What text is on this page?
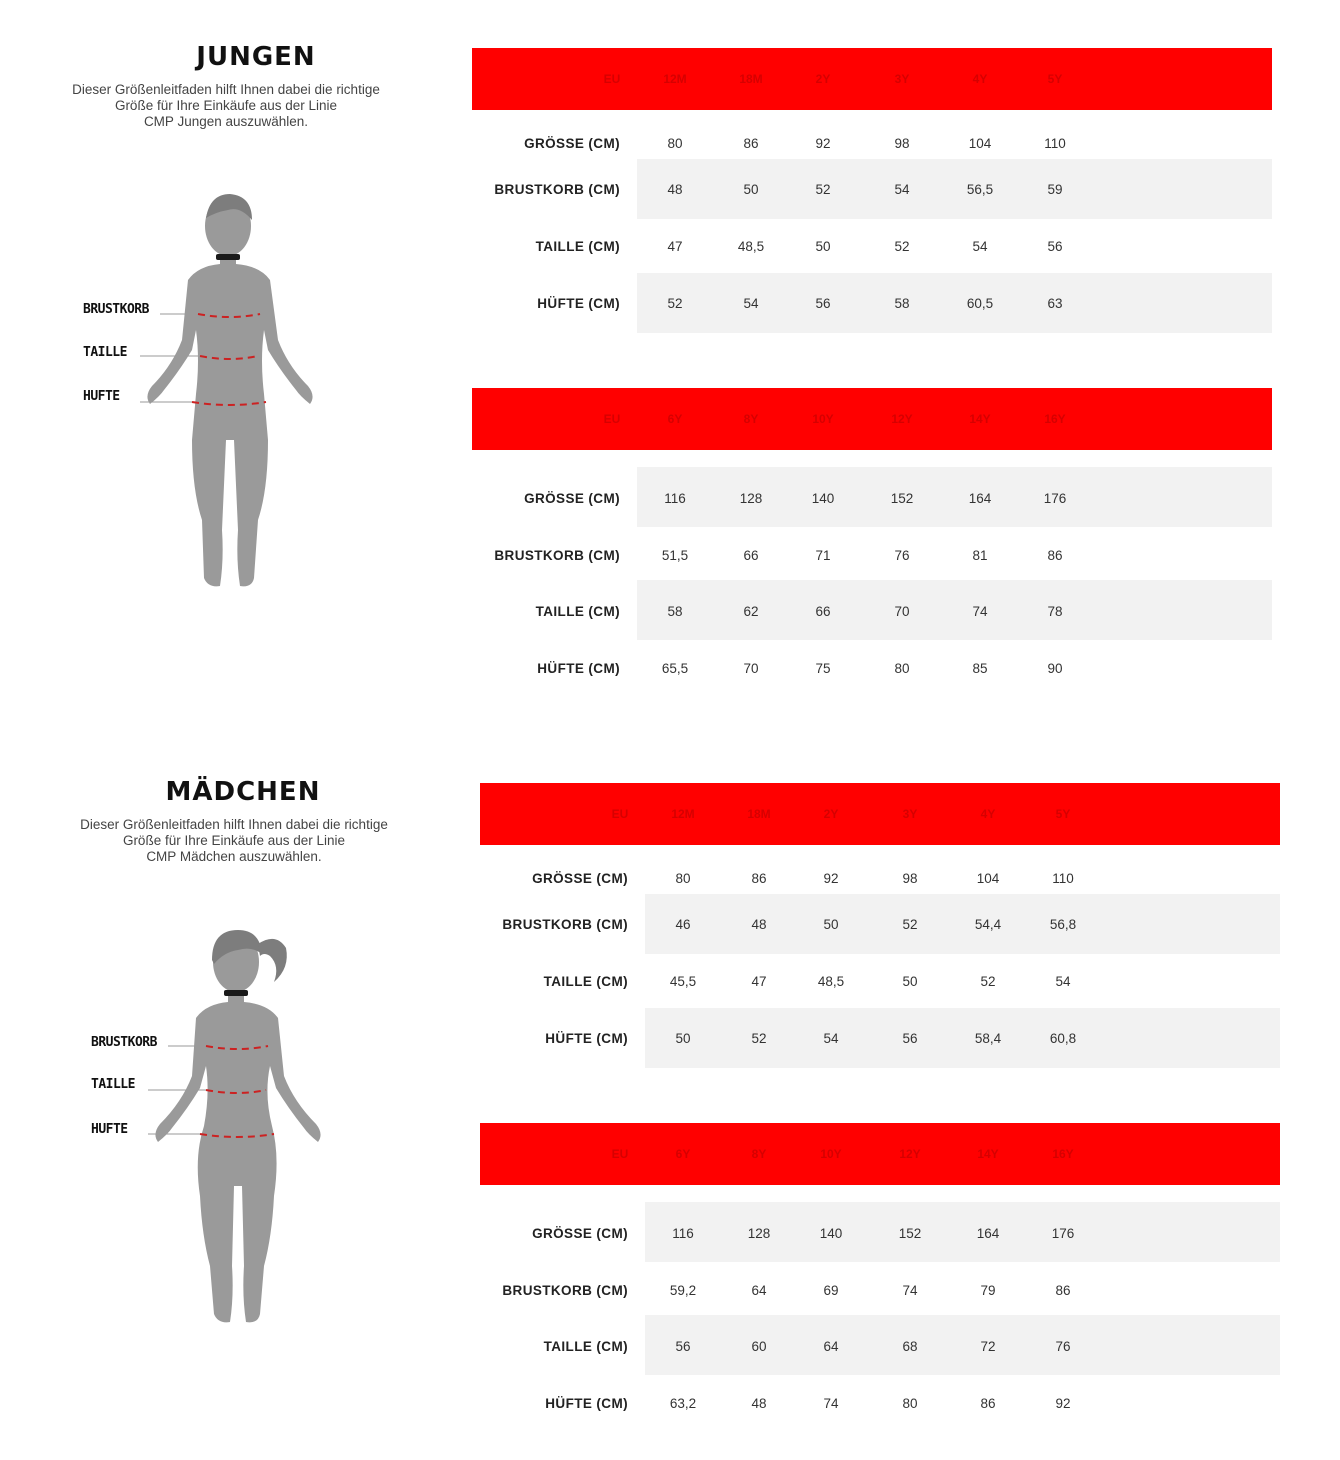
JUNGEN
Dieser Größenleitfaden hilft Ihnen dabei die richtige
Größe für Ihre Einkäufe aus der Linie
CMP Jungen auszuwählen.
BRUSTKORB
TAILLE
HUFTE
EU	12M	18M	2Y	3Y	4Y	5Y
GRÖSSE (CM)	80	86	92	98	104	110
BRUSTKORB (CM)	48	50	52	54	56,5	59
TAILLE (CM)	47	48,5	50	52	54	56
HÜFTE (CM)	52	54	56	58	60,5	63
EU	6Y	8Y	10Y	12Y	14Y	16Y
GRÖSSE (CM)	116	128	140	152	164	176
BRUSTKORB (CM)	51,5	66	71	76	81	86
TAILLE (CM)	58	62	66	70	74	78
HÜFTE (CM)	65,5	70	75	80	85	90
MÄDCHEN
Dieser Größenleitfaden hilft Ihnen dabei die richtige
Größe für Ihre Einkäufe aus der Linie
CMP Mädchen auszuwählen.
BRUSTKORB
TAILLE
HUFTE
EU	12M	18M	2Y	3Y	4Y	5Y
GRÖSSE (CM)	80	86	92	98	104	110
BRUSTKORB (CM)	46	48	50	52	54,4	56,8
TAILLE (CM)	45,5	47	48,5	50	52	54
HÜFTE (CM)	50	52	54	56	58,4	60,8
EU	6Y	8Y	10Y	12Y	14Y	16Y
GRÖSSE (CM)	116	128	140	152	164	176
BRUSTKORB (CM)	59,2	64	69	74	79	86
TAILLE (CM)	56	60	64	68	72	76
HÜFTE (CM)	63,2	48	74	80	86	92
